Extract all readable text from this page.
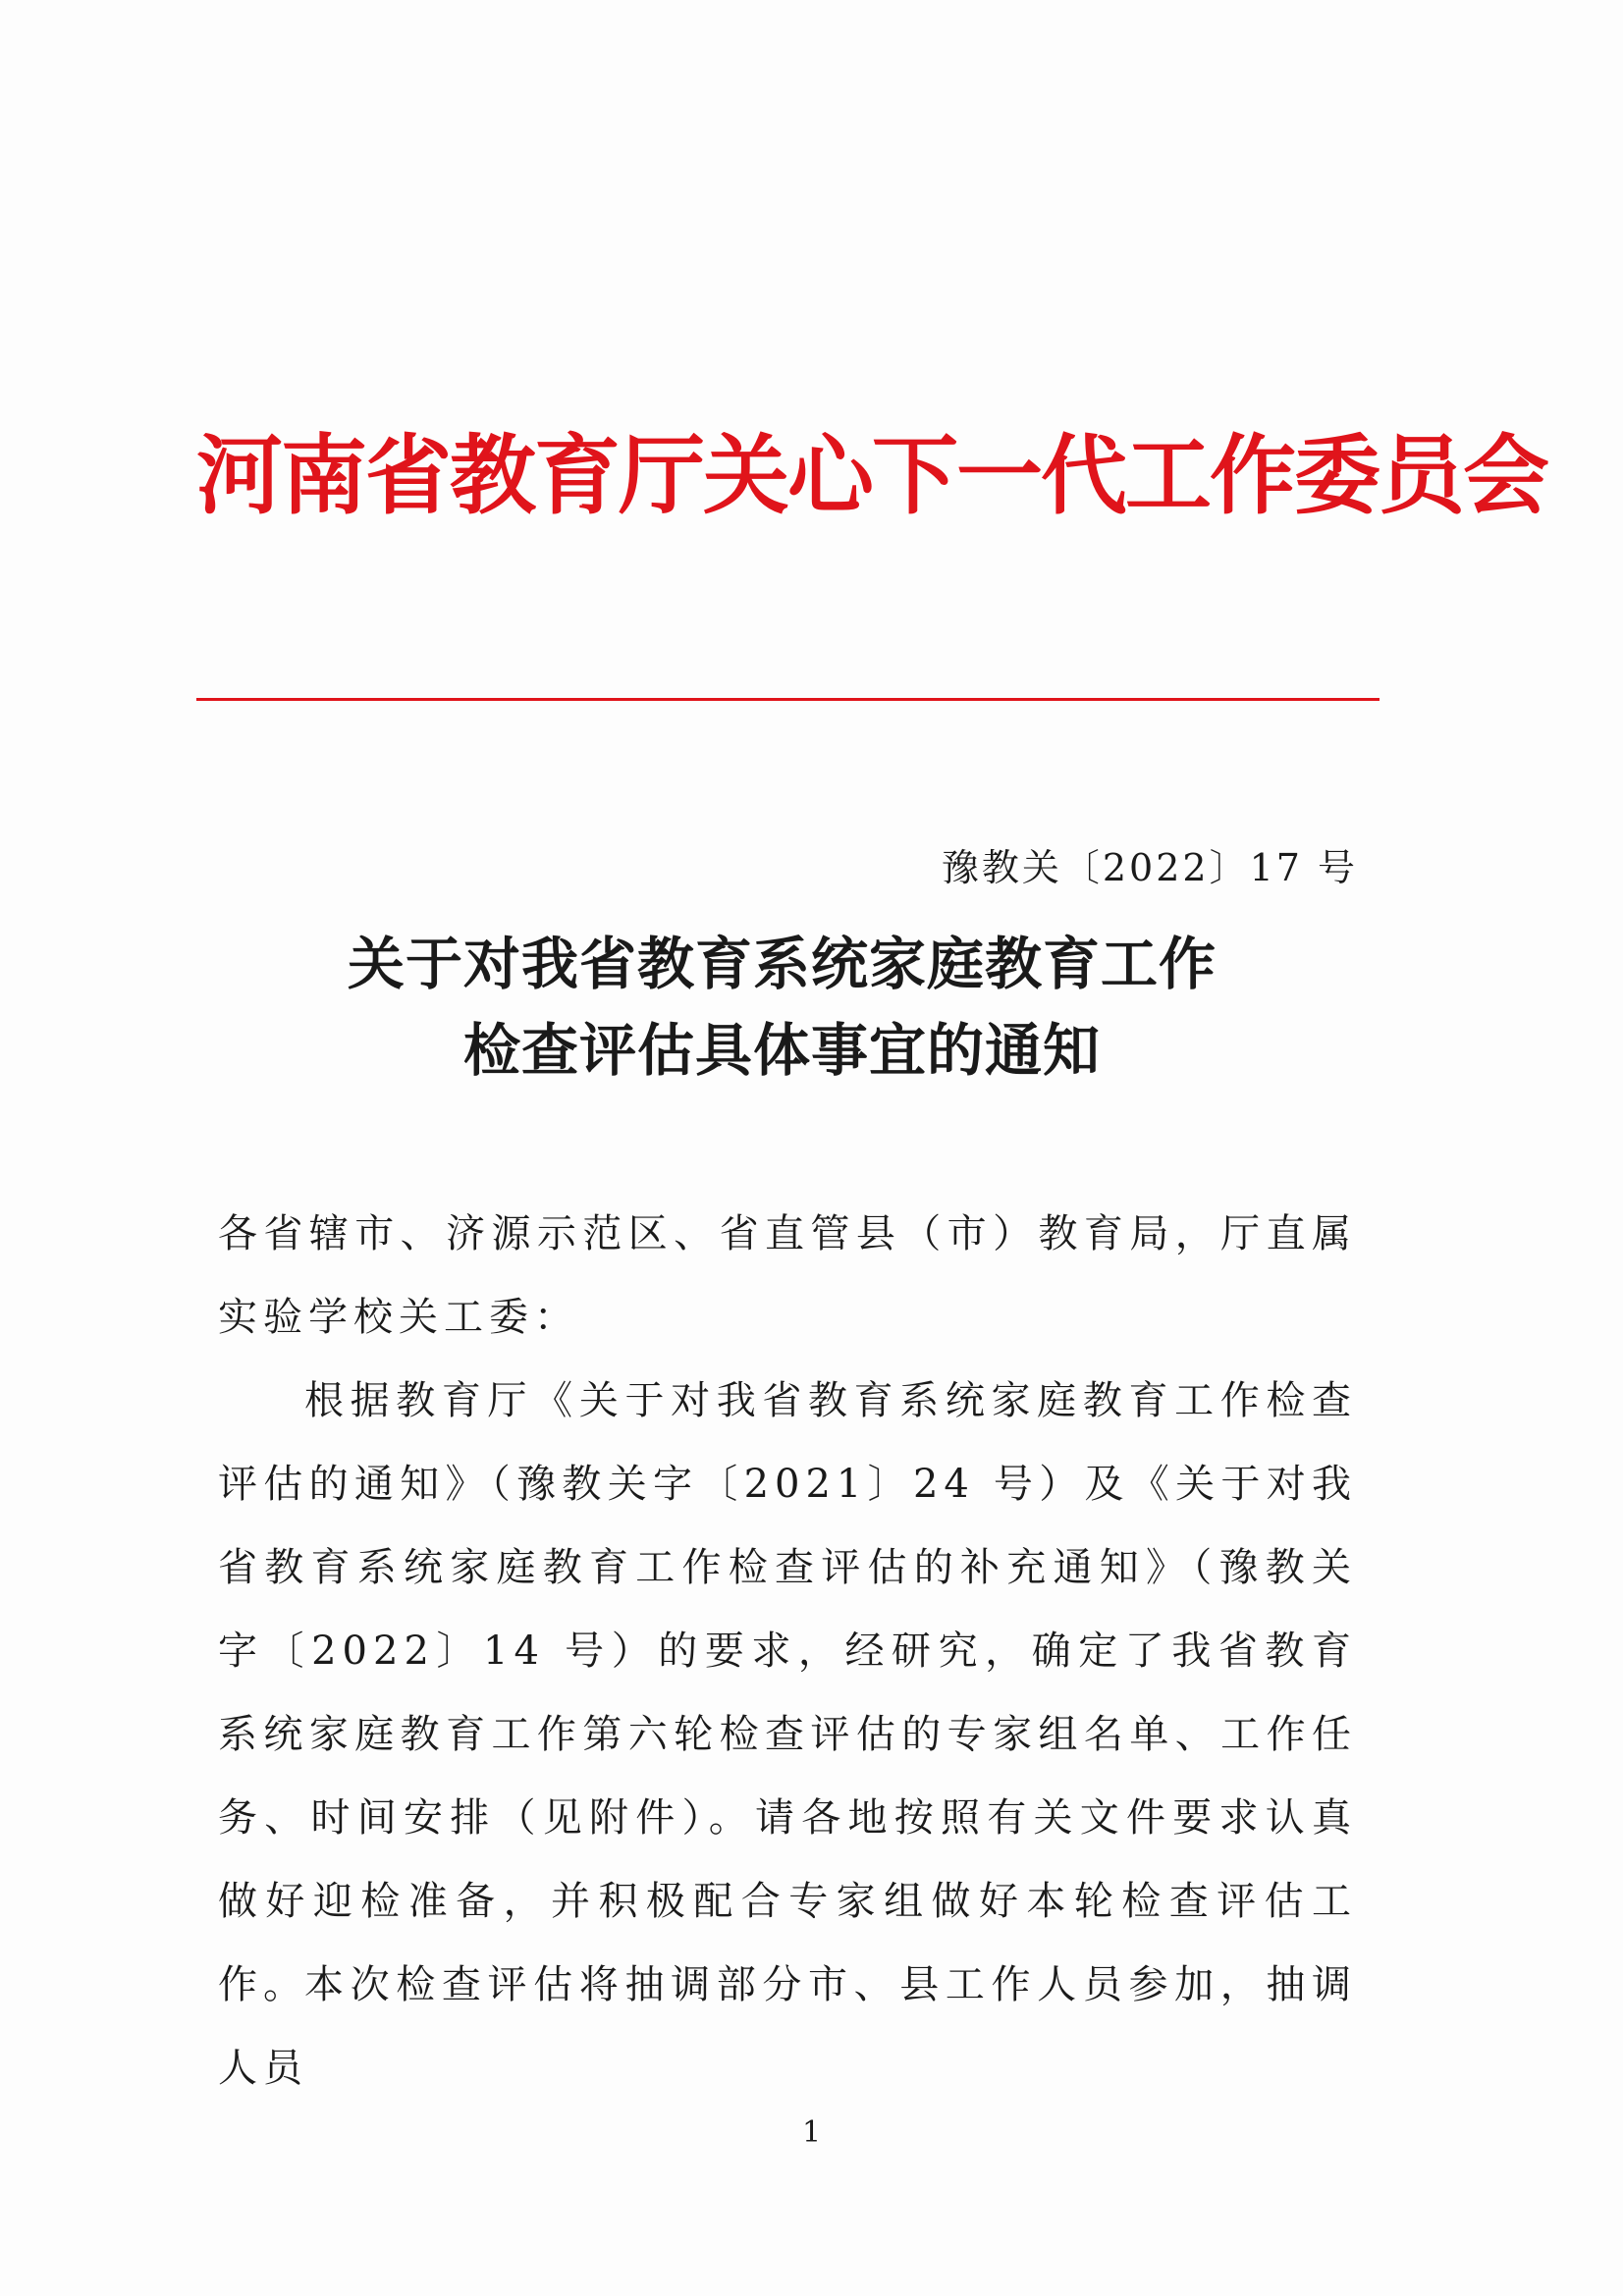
河南省教育厅关心下一代工作委员会
豫教关〔2022〕17 号
关于对我省教育系统家庭教育工作
检查评估具体事宜的通知

各省辖市、济源示范区、省直管县（市）教育局，厅直属实验学校关工委：

根据教育厅《关于对我省教育系统家庭教育工作检查评估的通知》（豫教关字〔2021〕24 号）及《关于对我省教育系统家庭教育工作检查评估的补充通知》（豫教关字〔2022〕14 号）的要求，经研究，确定了我省教育系统家庭教育工作第六轮检查评估的专家组名单、工作任务、时间安排（见附件）。请各地按照有关文件要求认真做好迎检准备，并积极配合专家组做好本轮检查评估工作。

本次检查评估将抽调部分市、县工作人员参加，抽调人员

1
